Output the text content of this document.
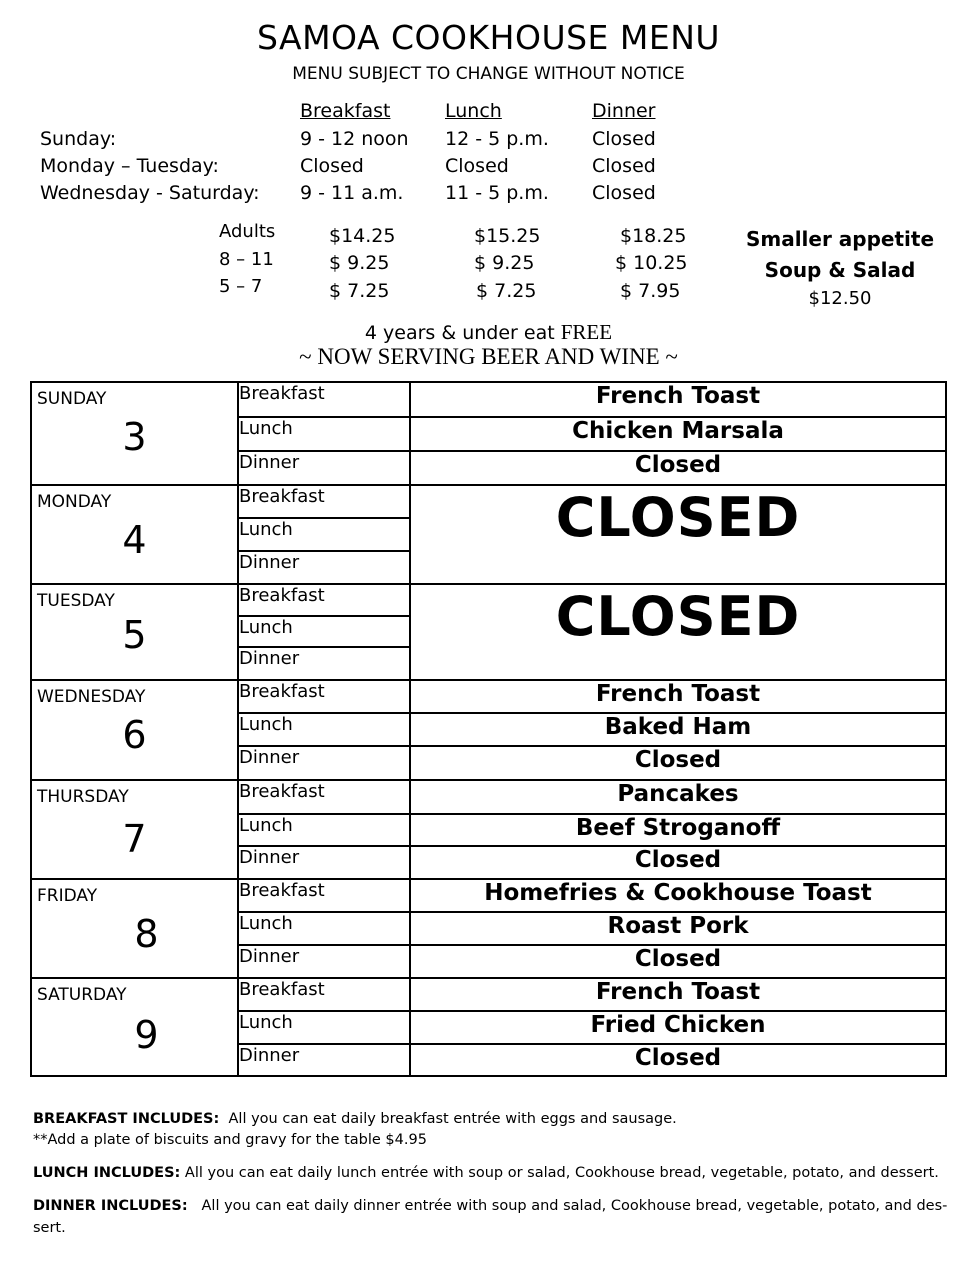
SAMOA COOKHOUSE MENU
MENU SUBJECT TO CHANGE WITHOUT NOTICE
Breakfast	Lunch	Dinner
Sunday:	9 - 12 noon	12 - 5 p.m.	Closed
Monday – Tuesday:	Closed	Closed	Closed
Wednesday - Saturday:	9 - 11 a.m.	11 - 5 p.m.	Closed
Adults	$14.25	$15.25	$18.25
8 – 11	$ 9.25	$ 9.25	$ 10.25
5 – 7	$ 7.25	$ 7.25	$ 7.95
Smaller appetite
Soup & Salad
$12.50
4 years & under eat FREE
~ NOW SERVING BEER AND WINE ~
SUNDAY
3	Breakfast	French Toast
	Lunch	Chicken Marsala
	Dinner	Closed

MONDAY
4	Breakfast	CLOSED
	Lunch	
	Dinner	

TUESDAY
5	Breakfast	CLOSED
	Lunch	
	Dinner	

WEDNESDAY
6	Breakfast	French Toast
	Lunch	Baked Ham
	Dinner	Closed

THURSDAY
7	Breakfast	Pancakes
	Lunch	Beef Stroganoff
	Dinner	Closed

FRIDAY
8	Breakfast	Homefries & Cookhouse Toast
	Lunch	Roast Pork
	Dinner	Closed

SATURDAY
9	Breakfast	French Toast
	Lunch	Fried Chicken
	Dinner	Closed
BREAKFAST INCLUDES: All you can eat daily breakfast entrée with eggs and sausage.
**Add a plate of biscuits and gravy for the table $4.95
LUNCH INCLUDES: All you can eat daily lunch entrée with soup or salad, Cookhouse bread, vegetable, potato, and dessert.
DINNER INCLUDES: All you can eat daily dinner entrée with soup and salad, Cookhouse bread, vegetable, potato, and des-
sert.
